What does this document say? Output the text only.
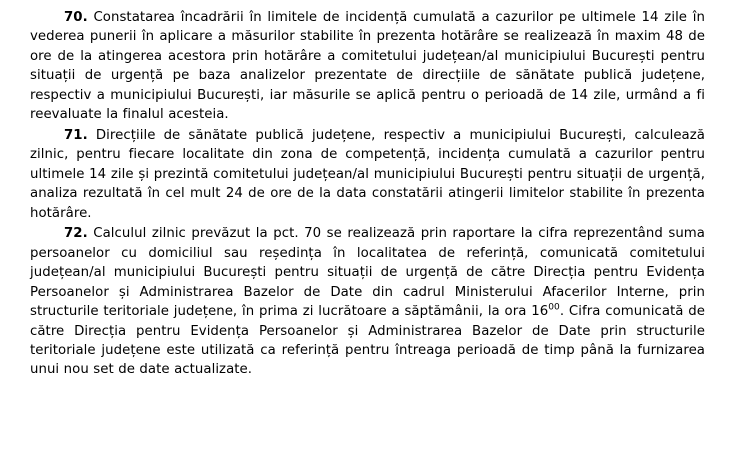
70. Constatarea încadrării în limitele de incidență cumulată a cazurilor pe ultimele 14 zile în vederea punerii în aplicare a măsurilor stabilite în prezenta hotărâre se realizează în maxim 48 de ore de la atingerea acestora prin hotărâre a comitetului județean/al municipiului București pentru situații de urgență pe baza analizelor prezentate de direcțiile de sănătate publică județene, respectiv a municipiului București, iar măsurile se aplică pentru o perioadă de 14 zile, urmând a fi reevaluate la finalul acesteia.

71. Direcțiile de sănătate publică județene, respectiv a municipiului București, calculează zilnic, pentru fiecare localitate din zona de competență, incidența cumulată a cazurilor pentru ultimele 14 zile și prezintă comitetului județean/al municipiului București pentru situații de urgență, analiza rezultată în cel mult 24 de ore de la data constatării atingerii limitelor stabilite în prezenta hotărâre.

72. Calculul zilnic prevăzut la pct. 70 se realizează prin raportare la cifra reprezentând suma persoanelor cu domiciliul sau reședința în localitatea de referință, comunicată comitetului județean/al municipiului București pentru situații de urgență de către Direcția pentru Evidența Persoanelor și Administrarea Bazelor de Date din cadrul Ministerului Afacerilor Interne, prin structurile teritoriale județene, în prima zi lucrătoare a săptămânii, la ora $16^{00}$. Cifra comunicată de către Direcția pentru Evidența Persoanelor și Administrarea Bazelor de Date prin structurile teritoriale județene este utilizată ca referință pentru întreaga perioadă de timp până la furnizarea unui nou set de date actualizate.
